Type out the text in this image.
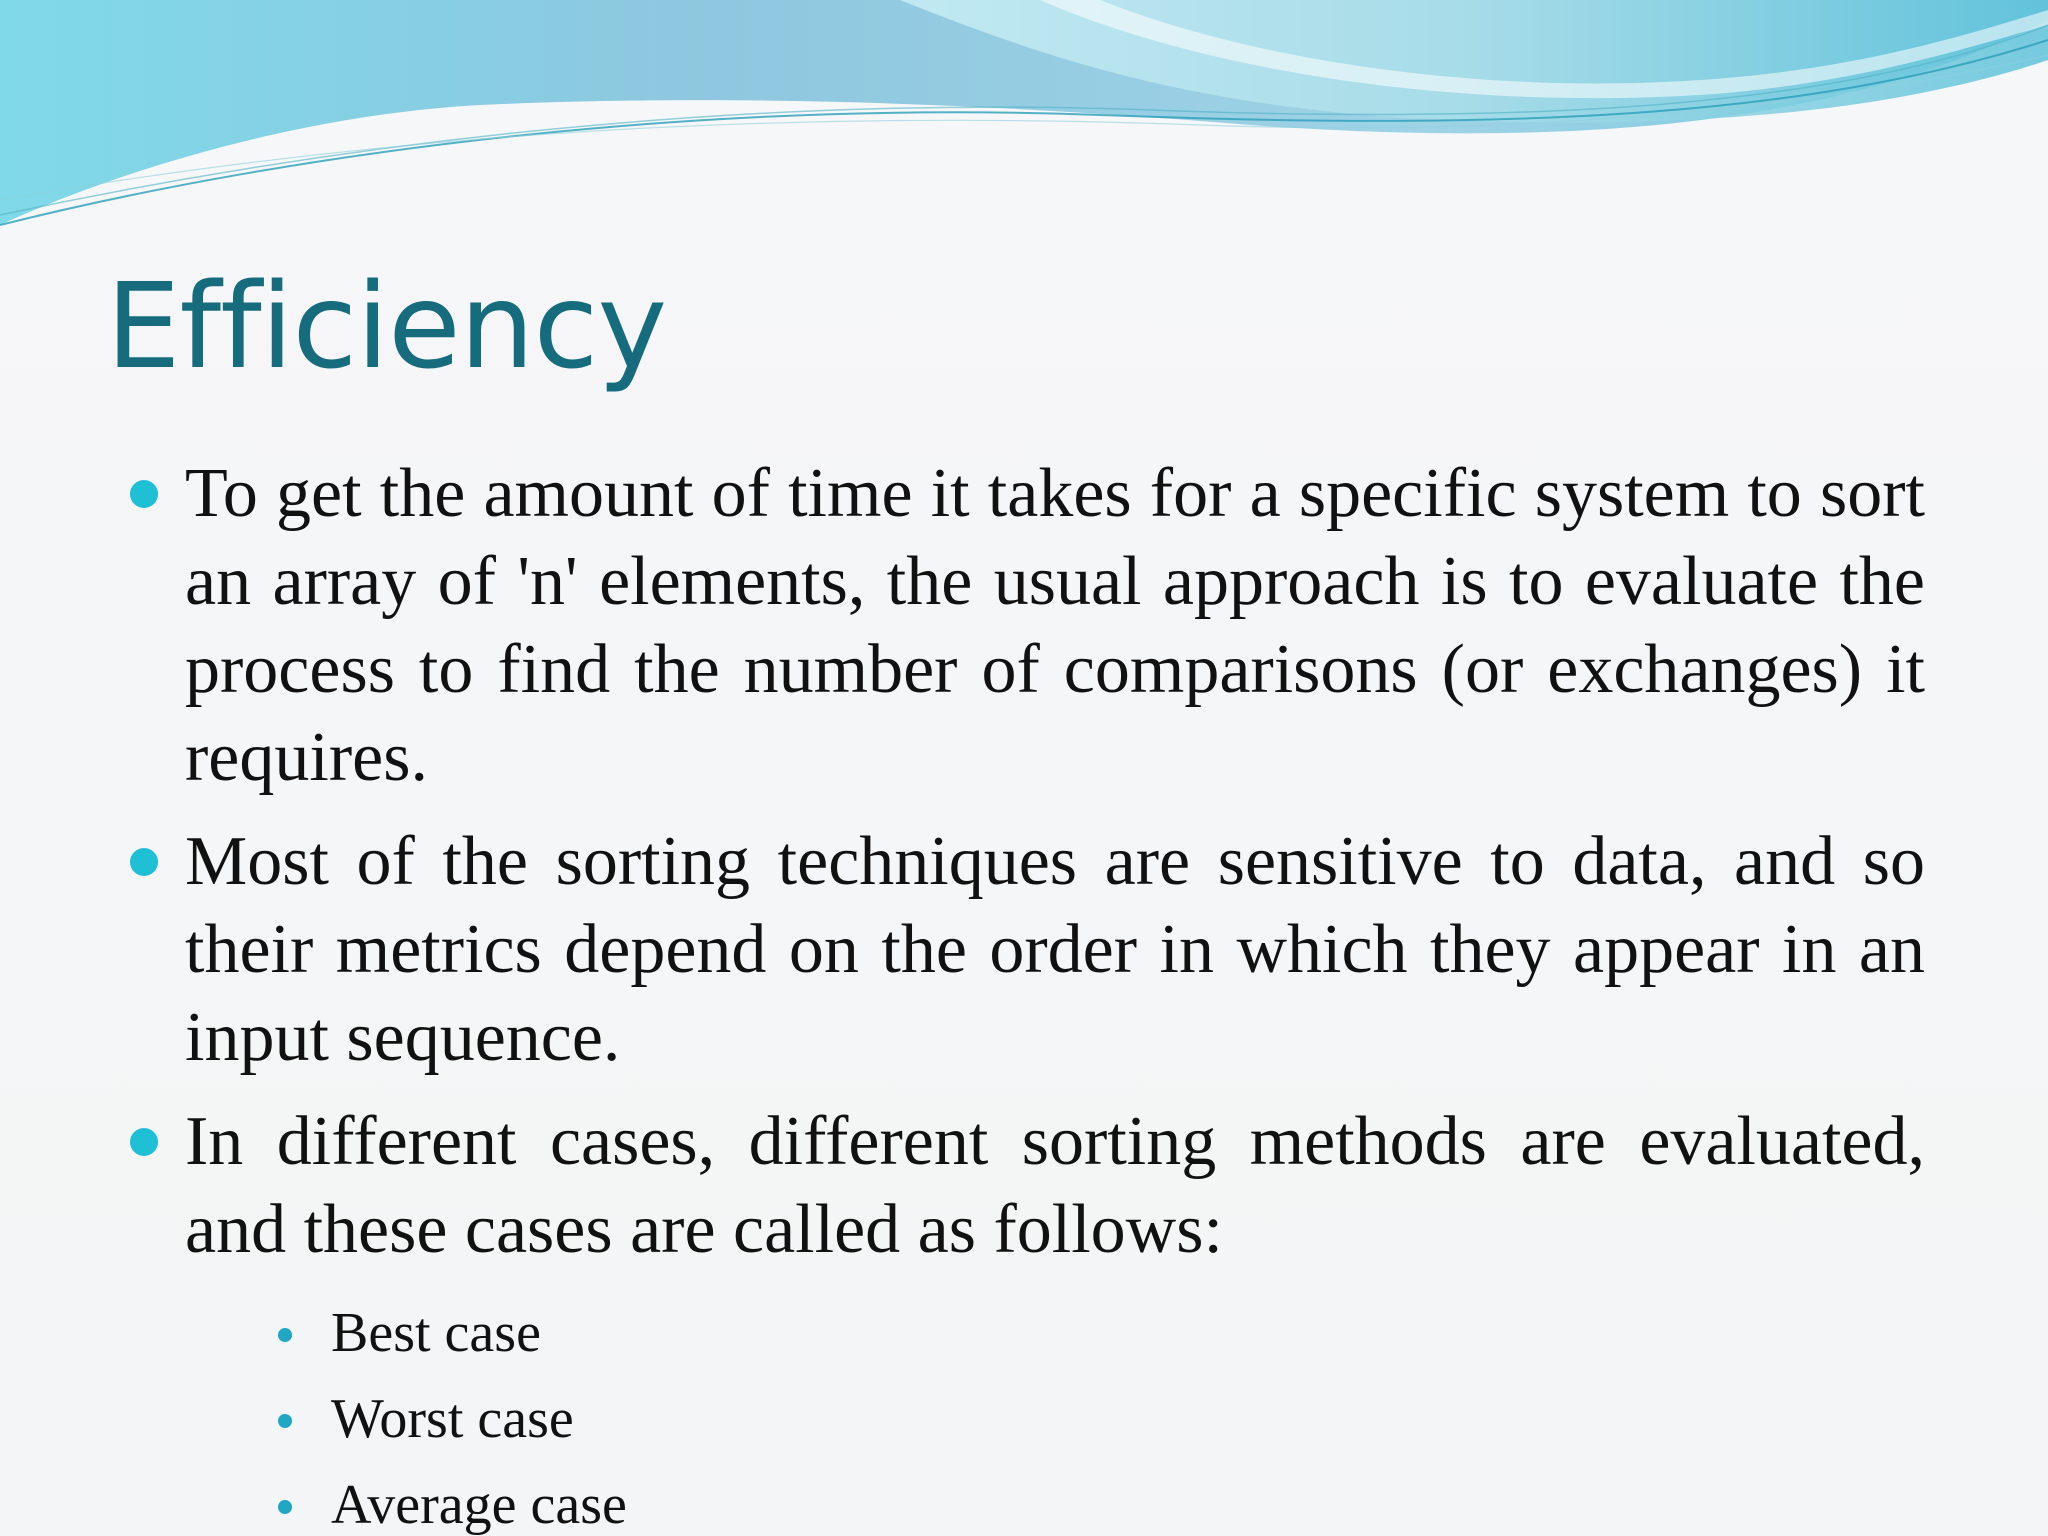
Efficiency
To get the amount of time it takes for a specific system to sort an array of 'n' elements, the usual approach is to evaluate the process to find the number of comparisons (or exchanges) it requires.
Most of the sorting techniques are sensitive to data, and so their metrics depend on the order in which they appear in an input sequence.
In different cases, different sorting methods are evaluated, and these cases are called as follows:
Best case
Worst case
Average case
